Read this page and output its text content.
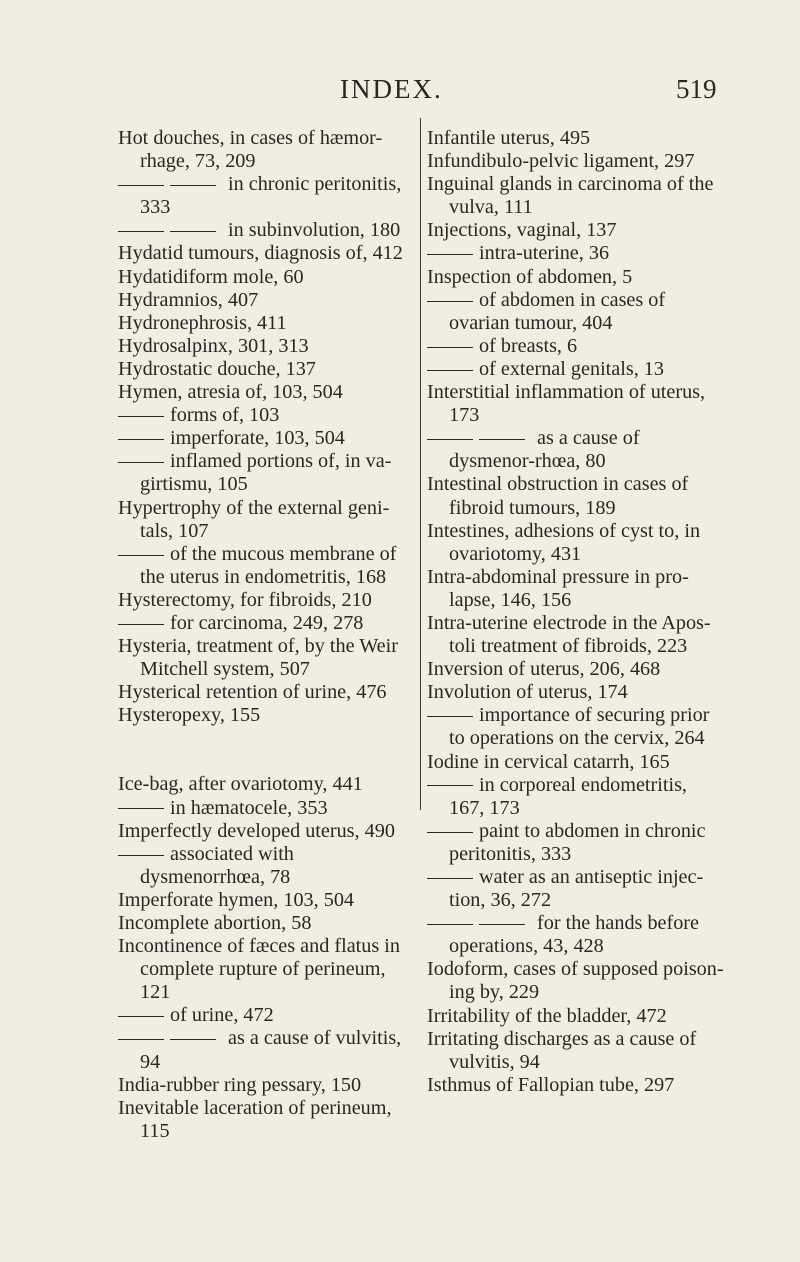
INDEX.	519

Hot douches, in cases of hæmor-rhage, 73, 209

in chronic peritonitis, 333

in subinvolution, 180

Hydatid tumours, diagnosis of, 412

Hydatidiform mole, 60

Hydramnios, 407

Hydronephrosis, 411

Hydrosalpinx, 301, 313

Hydrostatic douche, 137

Hymen, atresia of, 103, 504

forms of, 103

imperforate, 103, 504

inflamed portions of, in va-girtismu, 105

Hypertrophy of the external geni-tals, 107

of the mucous membrane of the uterus in endometritis, 168

Hysterectomy, for fibroids, 210

for carcinoma, 249, 278

Hysteria, treatment of, by the Weir Mitchell system, 507

Hysterical retention of urine, 476

Hysteropexy, 155

Ice-bag, after ovariotomy, 441

in hæmatocele, 353

Imperfectly developed uterus, 490

associated with dysmenorrhœa, 78

Imperforate hymen, 103, 504

Incomplete abortion, 58

Incontinence of fæces and flatus in complete rupture of perineum, 121

of urine, 472

as a cause of vulvitis, 94

India-rubber ring pessary, 150

Inevitable laceration of perineum, 115

Infantile uterus, 495

Infundibulo-pelvic ligament, 297

Inguinal glands in carcinoma of the vulva, 111

Injections, vaginal, 137

intra-uterine, 36

Inspection of abdomen, 5

of abdomen in cases of ovarian tumour, 404

of breasts, 6

of external genitals, 13

Interstitial inflammation of uterus, 173

as a cause of dysmenor-rhœa, 80

Intestinal obstruction in cases of fibroid tumours, 189

Intestines, adhesions of cyst to, in ovariotomy, 431

Intra-abdominal pressure in pro-lapse, 146, 156

Intra-uterine electrode in the Apos-toli treatment of fibroids, 223

Inversion of uterus, 206, 468

Involution of uterus, 174

importance of securing prior to operations on the cervix, 264

Iodine in cervical catarrh, 165

in corporeal endometritis, 167, 173

paint to abdomen in chronic peritonitis, 333

water as an antiseptic injec-tion, 36, 272

for the hands before operations, 43, 428

Iodoform, cases of supposed poison-ing by, 229

Irritability of the bladder, 472

Irritating discharges as a cause of vulvitis, 94

Isthmus of Fallopian tube, 297
